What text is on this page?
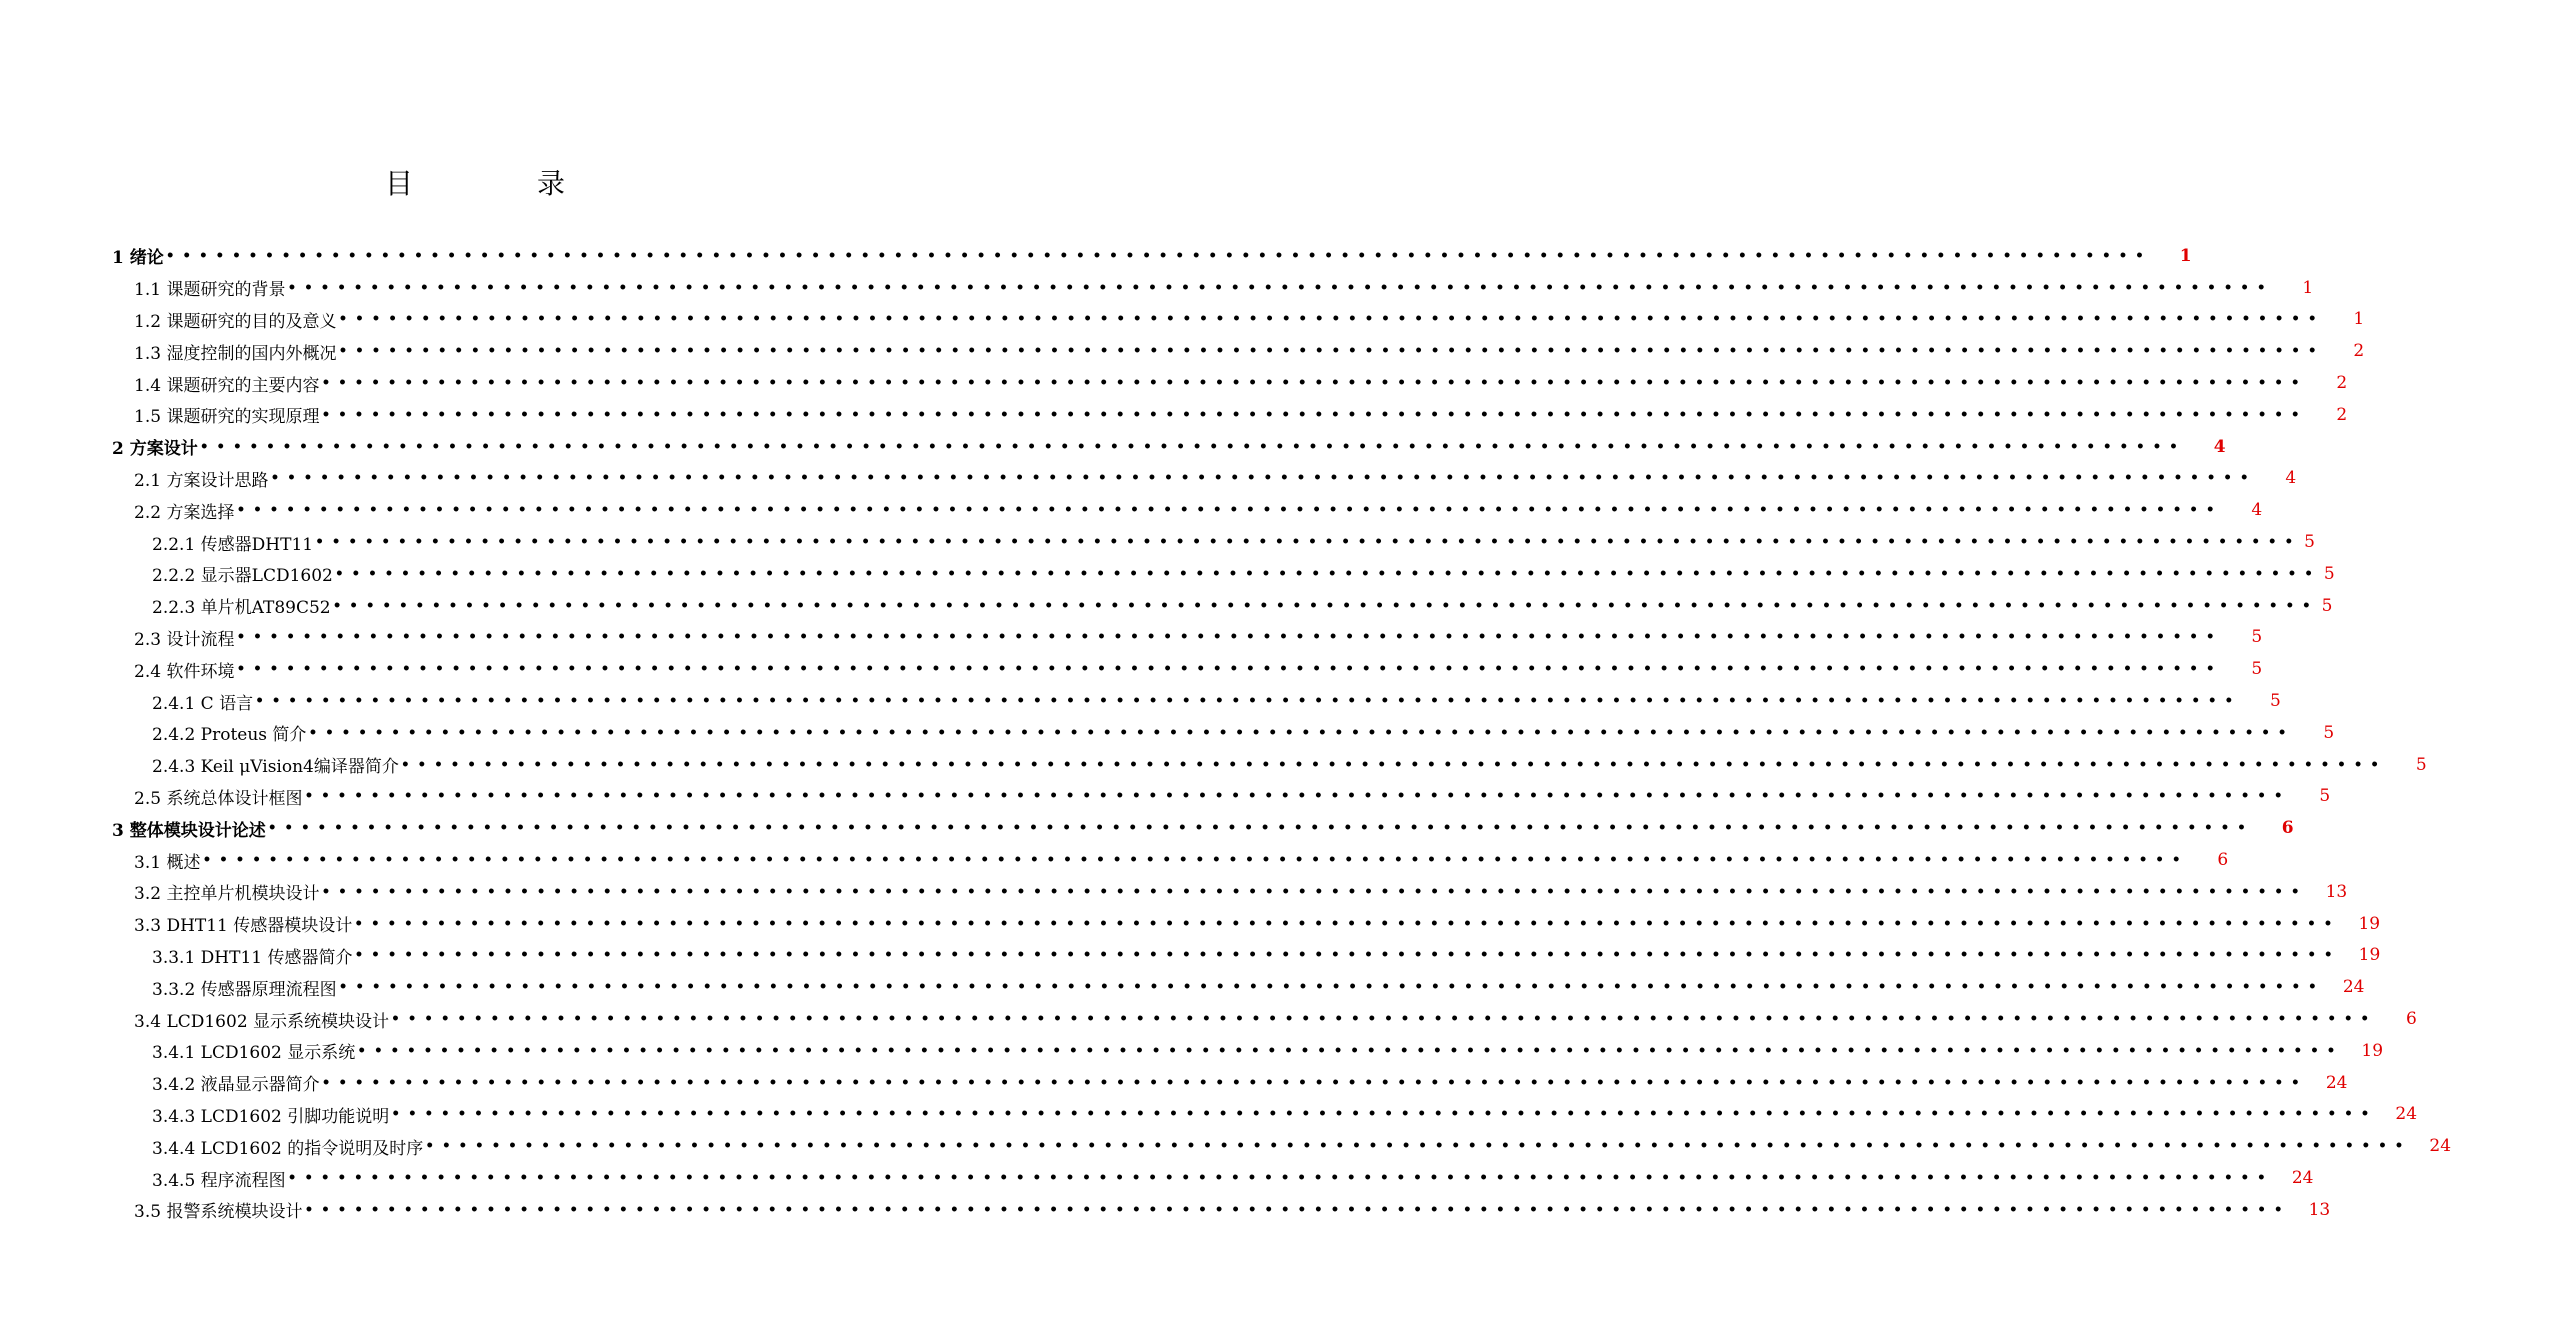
目　录
1 绪论 ••••••••••••••••••••••••••••••••••••••••••••••••••••••••••••••••••••••••••••••••••••••••••••••••••••••••••••••••••••••••	1
1.1 课题研究的背景 ••••••••••••••••••••••••••••••••••••••••••••••••••••••••••••••••••••••••••••••••••••••••••••••••••••••••••••••••••••••••	1
1.2 课题研究的目的及意义 ••••••••••••••••••••••••••••••••••••••••••••••••••••••••••••••••••••••••••••••••••••••••••••••••••••••••••••••••••••••••	1
1.3 湿度控制的国内外概况 ••••••••••••••••••••••••••••••••••••••••••••••••••••••••••••••••••••••••••••••••••••••••••••••••••••••••••••••••••••••••	2
1.4 课题研究的主要内容 ••••••••••••••••••••••••••••••••••••••••••••••••••••••••••••••••••••••••••••••••••••••••••••••••••••••••••••••••••••••••	2
1.5 课题研究的实现原理 ••••••••••••••••••••••••••••••••••••••••••••••••••••••••••••••••••••••••••••••••••••••••••••••••••••••••••••••••••••••••	2
2 方案设计 ••••••••••••••••••••••••••••••••••••••••••••••••••••••••••••••••••••••••••••••••••••••••••••••••••••••••••••••••••••••••	4
2.1 方案设计思路 ••••••••••••••••••••••••••••••••••••••••••••••••••••••••••••••••••••••••••••••••••••••••••••••••••••••••••••••••••••••••	4
2.2 方案选择 ••••••••••••••••••••••••••••••••••••••••••••••••••••••••••••••••••••••••••••••••••••••••••••••••••••••••••••••••••••••••	4
2.2.1 传感器DHT11 •••••••••••••••••••••••••••••••••••••••••••••••••••••••••••••••••••••••••••••••••••••••••••••••••••••••••••••••••••••••• 5
2.2.2 显示器LCD1602 •••••••••••••••••••••••••••••••••••••••••••••••••••••••••••••••••••••••••••••••••••••••••••••••••••••••••••••••••••••••• 5
2.2.3 单片机AT89C52 •••••••••••••••••••••••••••••••••••••••••••••••••••••••••••••••••••••••••••••••••••••••••••••••••••••••••••••••••••••••• 5
2.3 设计流程 ••••••••••••••••••••••••••••••••••••••••••••••••••••••••••••••••••••••••••••••••••••••••••••••••••••••••••••••••••••••••	5
2.4 软件环境 ••••••••••••••••••••••••••••••••••••••••••••••••••••••••••••••••••••••••••••••••••••••••••••••••••••••••••••••••••••••••	5
2.4.1 C 语言 ••••••••••••••••••••••••••••••••••••••••••••••••••••••••••••••••••••••••••••••••••••••••••••••••••••••••••••••••••••••••	5
2.4.2 Proteus 简介 ••••••••••••••••••••••••••••••••••••••••••••••••••••••••••••••••••••••••••••••••••••••••••••••••••••••••••••••••••••••••	5
2.4.3 Keil μVision4编译器简介 ••••••••••••••••••••••••••••••••••••••••••••••••••••••••••••••••••••••••••••••••••••••••••••••••••••••••••••••••••••••••	5
2.5 系统总体设计框图 ••••••••••••••••••••••••••••••••••••••••••••••••••••••••••••••••••••••••••••••••••••••••••••••••••••••••••••••••••••••••	5
3 整体模块设计论述 ••••••••••••••••••••••••••••••••••••••••••••••••••••••••••••••••••••••••••••••••••••••••••••••••••••••••••••••••••••••••	6
3.1 概述 ••••••••••••••••••••••••••••••••••••••••••••••••••••••••••••••••••••••••••••••••••••••••••••••••••••••••••••••••••••••••	6
3.2 主控单片机模块设计 ••••••••••••••••••••••••••••••••••••••••••••••••••••••••••••••••••••••••••••••••••••••••••••••••••••••••••••••••••••••••	13
3.3 DHT11 传感器模块设计 ••••••••••••••••••••••••••••••••••••••••••••••••••••••••••••••••••••••••••••••••••••••••••••••••••••••••••••••••••••••••	19
3.3.1 DHT11 传感器简介 ••••••••••••••••••••••••••••••••••••••••••••••••••••••••••••••••••••••••••••••••••••••••••••••••••••••••••••••••••••••••	19
3.3.2 传感器原理流程图 ••••••••••••••••••••••••••••••••••••••••••••••••••••••••••••••••••••••••••••••••••••••••••••••••••••••••••••••••••••••••	24
3.4 LCD1602 显示系统模块设计 ••••••••••••••••••••••••••••••••••••••••••••••••••••••••••••••••••••••••••••••••••••••••••••••••••••••••••••••••••••••••	6
3.4.1 LCD1602 显示系统 ••••••••••••••••••••••••••••••••••••••••••••••••••••••••••••••••••••••••••••••••••••••••••••••••••••••••••••••••••••••••	19
3.4.2 液晶显示器简介 ••••••••••••••••••••••••••••••••••••••••••••••••••••••••••••••••••••••••••••••••••••••••••••••••••••••••••••••••••••••••	24
3.4.3 LCD1602 引脚功能说明 ••••••••••••••••••••••••••••••••••••••••••••••••••••••••••••••••••••••••••••••••••••••••••••••••••••••••••••••••••••••••	24
3.4.4 LCD1602 的指令说明及时序 ••••••••••••••••••••••••••••••••••••••••••••••••••••••••••••••••••••••••••••••••••••••••••••••••••••••••••••••••••••••••	24
3.4.5 程序流程图 ••••••••••••••••••••••••••••••••••••••••••••••••••••••••••••••••••••••••••••••••••••••••••••••••••••••••••••••••••••••••	24
3.5 报警系统模块设计 ••••••••••••••••••••••••••••••••••••••••••••••••••••••••••••••••••••••••••••••••••••••••••••••••••••••••••••••••••••••••	13
